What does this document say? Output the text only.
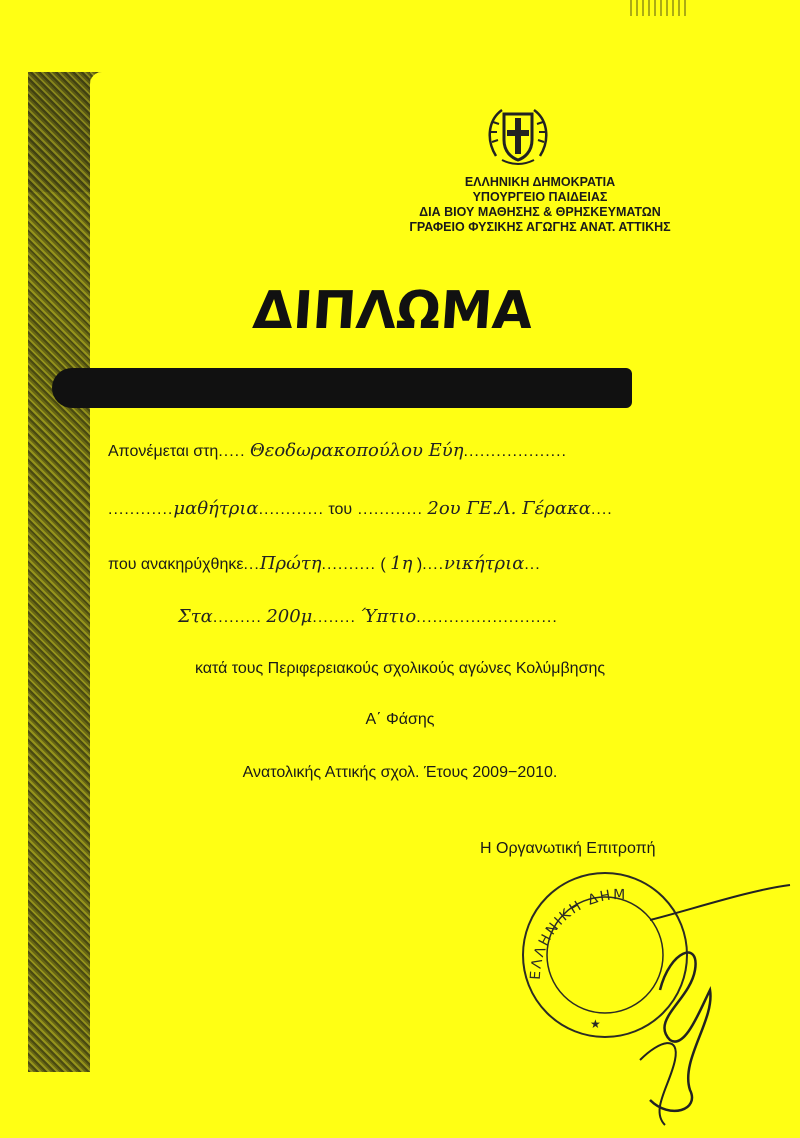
ΕΛΛΗΝΙΚΗ ΔΗΜΟΚΡΑΤΙΑ
ΥΠΟΥΡΓΕΙΟ ΠΑΙΔΕΙΑΣ
ΔΙΑ ΒΙΟΥ ΜΑΘΗΣΗΣ & ΘΡΗΣΚΕΥΜΑΤΩΝ
ΓΡΑΦΕΙΟ ΦΥΣΙΚΗΣ ΑΓΩΓΗΣ ΑΝΑΤ. ΑΤΤΙΚΗΣ
ΔΙΠΛΩΜΑ
Απονέμεται στη..... Θεοδωρακοπούλου Εύη...................
............μαθήτρια............ του ............ 2ου ΓΕ.Λ. Γέρακα....
που ανακηρύχθηκε...Πρώτη.......... ( 1η )....νικήτρια...
Στα......... 200μ........ Ύπτιο..........................
κατά τους Περιφερειακούς σχολικούς αγώνες Κολύμβησης
Α΄ Φάσης
Ανατολικής Αττικής σχολ. Έτους 2009−2010.
Η Οργανωτική Επιτροπή
ΕΛΛΗΝΙΚΗ ΔΗΜ
★
